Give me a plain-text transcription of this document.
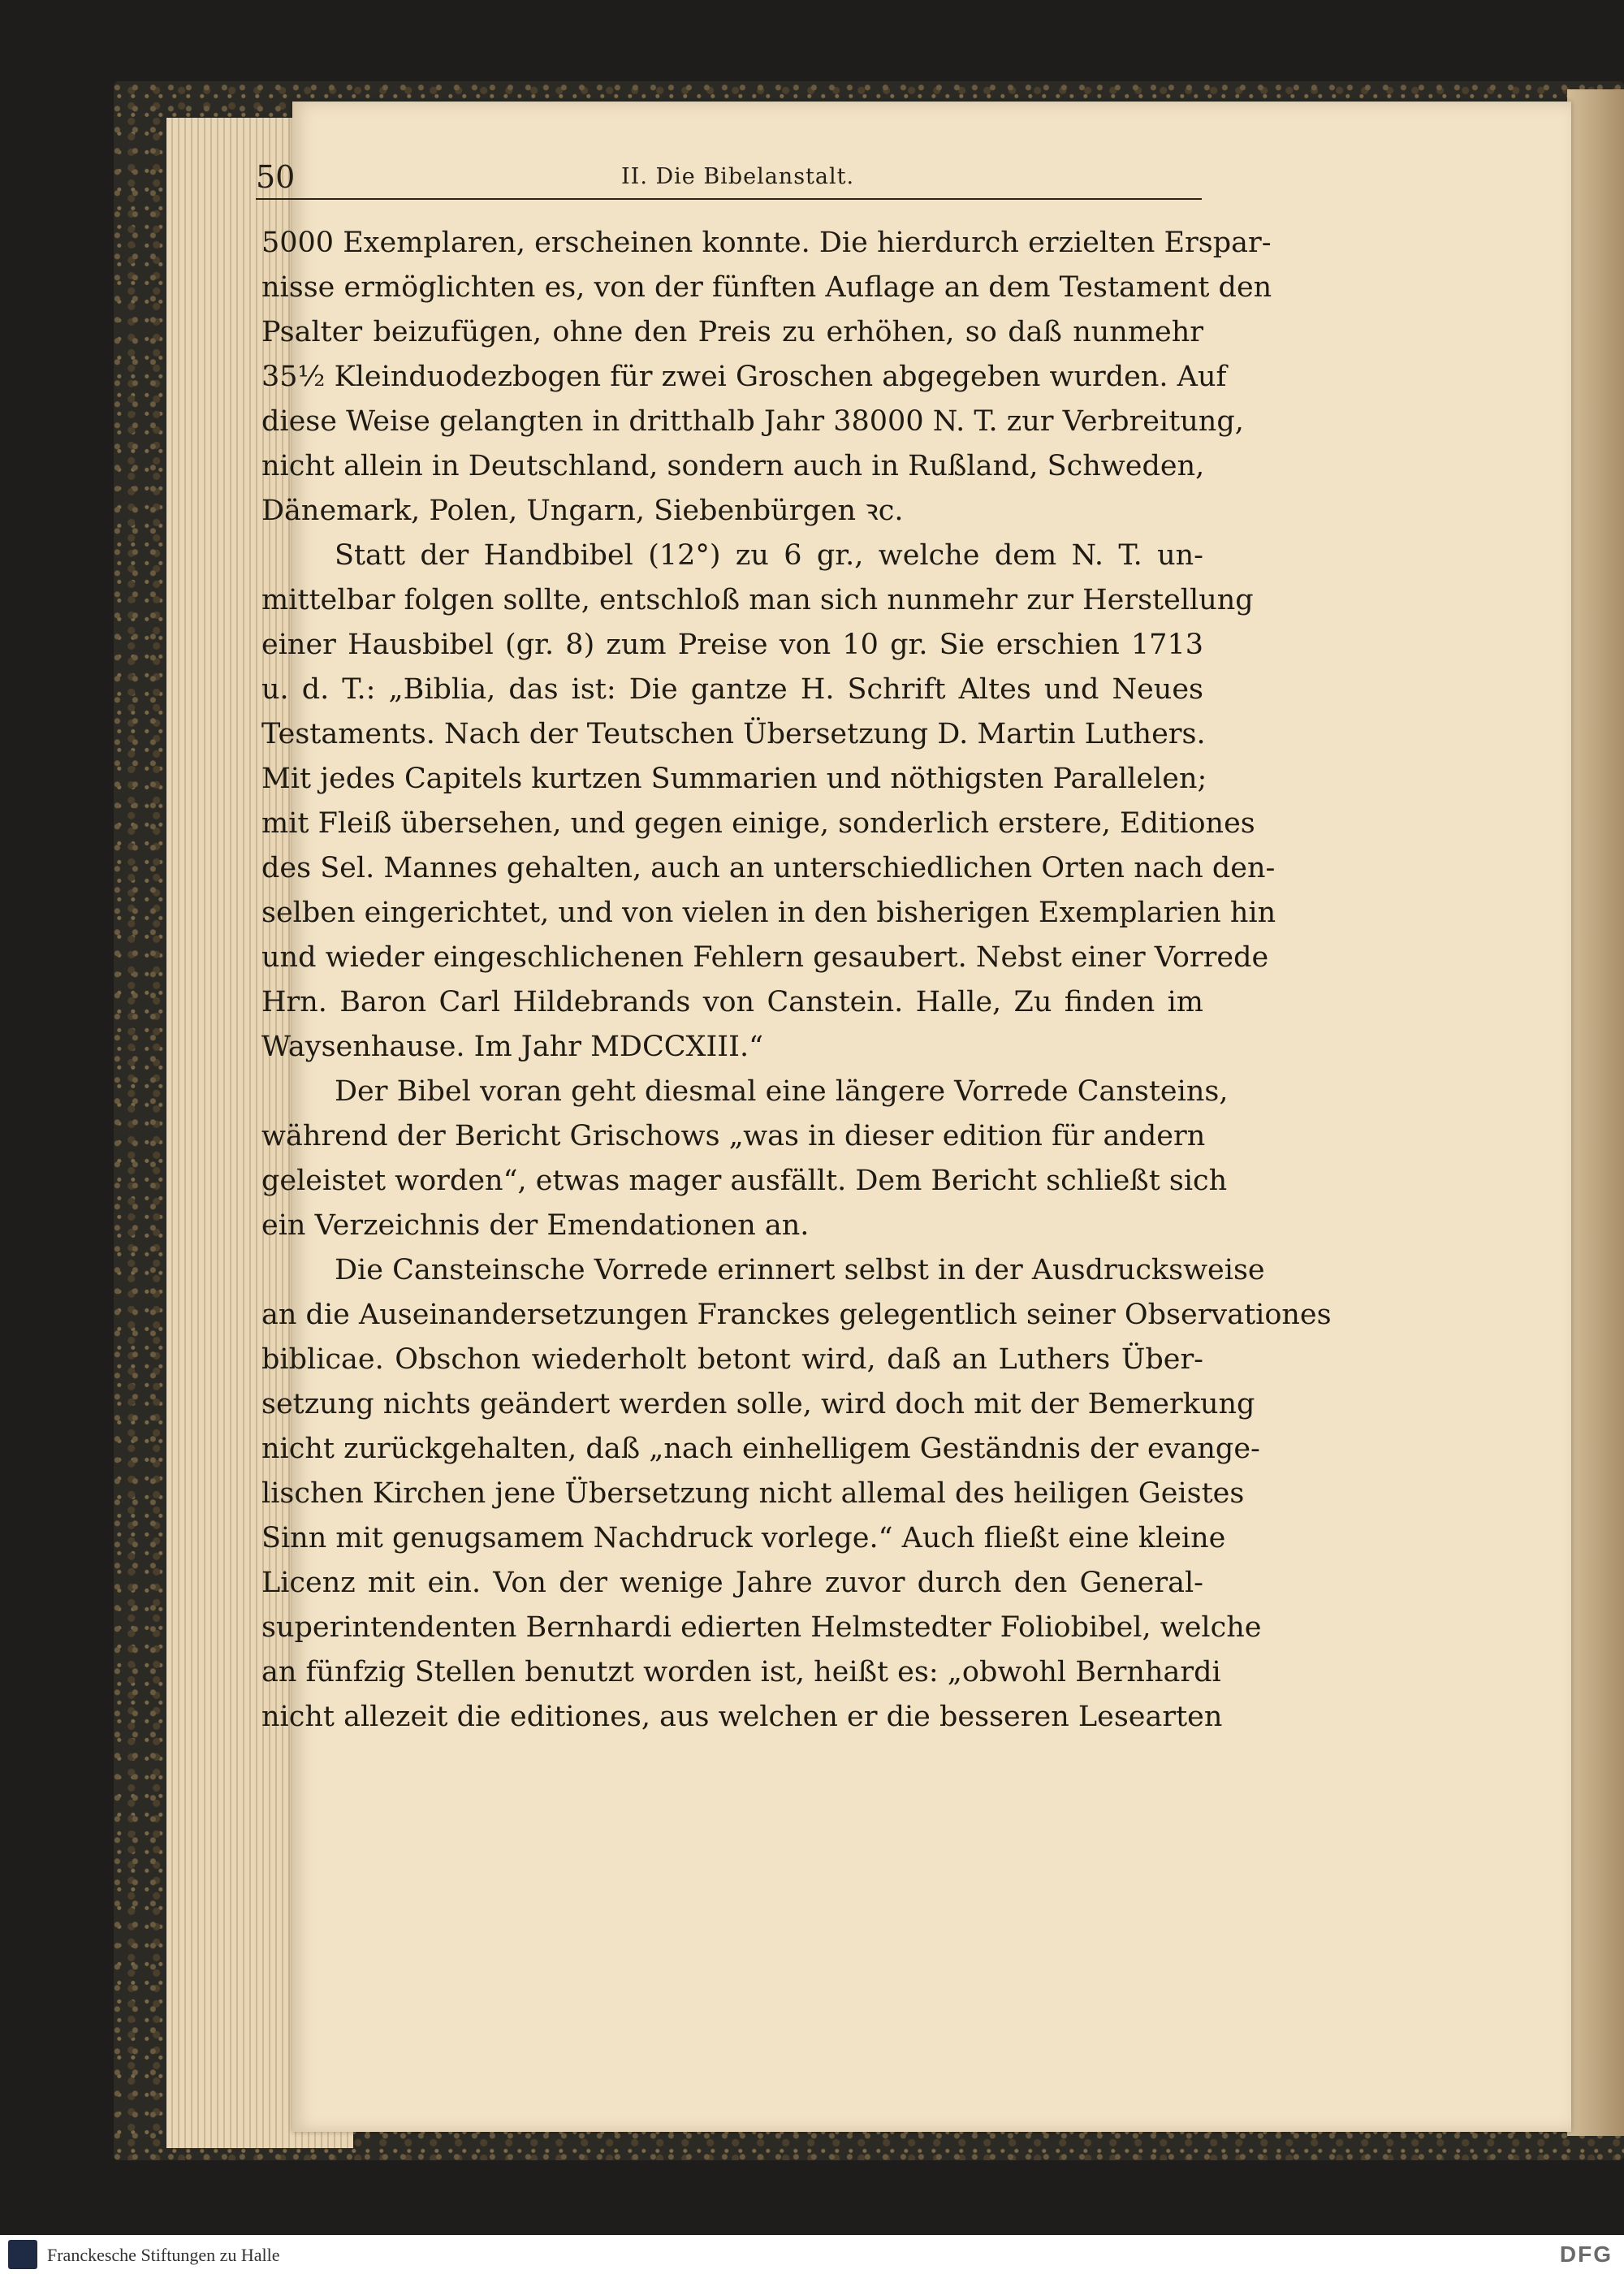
50	II. Die Bibelanstalt.
5000 Exemplaren, erscheinen konnte. Die hierdurch erzielten Erspar-
nisse ermöglichten es, von der fünften Auflage an dem Testament den
Psalter beizufügen, ohne den Preis zu erhöhen, so daß nunmehr
35½ Kleinduodezbogen für zwei Groschen abgegeben wurden. Auf
diese Weise gelangten in dritthalb Jahr 38000 N. T. zur Verbreitung,
nicht allein in Deutschland, sondern auch in Rußland, Schweden,
Dänemark, Polen, Ungarn, Siebenbürgen ꝛc.
Statt der Handbibel (12°) zu 6 gr., welche dem N. T. un-
mittelbar folgen sollte, entschloß man sich nunmehr zur Herstellung
einer Hausbibel (gr. 8) zum Preise von 10 gr. Sie erschien 1713
u. d. T.: „Biblia, das ist: Die gantze H. Schrift Altes und Neues
Testaments. Nach der Teutschen Übersetzung D. Martin Luthers.
Mit jedes Capitels kurtzen Summarien und nöthigsten Parallelen;
mit Fleiß übersehen, und gegen einige, sonderlich erstere, Editiones
des Sel. Mannes gehalten, auch an unterschiedlichen Orten nach den-
selben eingerichtet, und von vielen in den bisherigen Exemplarien hin
und wieder eingeschlichenen Fehlern gesaubert. Nebst einer Vorrede
Hrn. Baron Carl Hildebrands von Canstein. Halle, Zu finden im
Waysenhause. Im Jahr MDCCXIII.“
Der Bibel voran geht diesmal eine längere Vorrede Cansteins,
während der Bericht Grischows „was in dieser edition für andern
geleistet worden“, etwas mager ausfällt. Dem Bericht schließt sich
ein Verzeichnis der Emendationen an.
Die Cansteinsche Vorrede erinnert selbst in der Ausdrucksweise
an die Auseinandersetzungen Franckes gelegentlich seiner Observationes
biblicae. Obschon wiederholt betont wird, daß an Luthers Über-
setzung nichts geändert werden solle, wird doch mit der Bemerkung
nicht zurückgehalten, daß „nach einhelligem Geständnis der evange-
lischen Kirchen jene Übersetzung nicht allemal des heiligen Geistes
Sinn mit genugsamem Nachdruck vorlege.“ Auch fließt eine kleine
Licenz mit ein. Von der wenige Jahre zuvor durch den General-
superintendenten Bernhardi edierten Helmstedter Foliobibel, welche
an fünfzig Stellen benutzt worden ist, heißt es: „obwohl Bernhardi
nicht allezeit die editiones, aus welchen er die besseren Lesearten
Franckesche Stiftungen zu Halle	DFG
